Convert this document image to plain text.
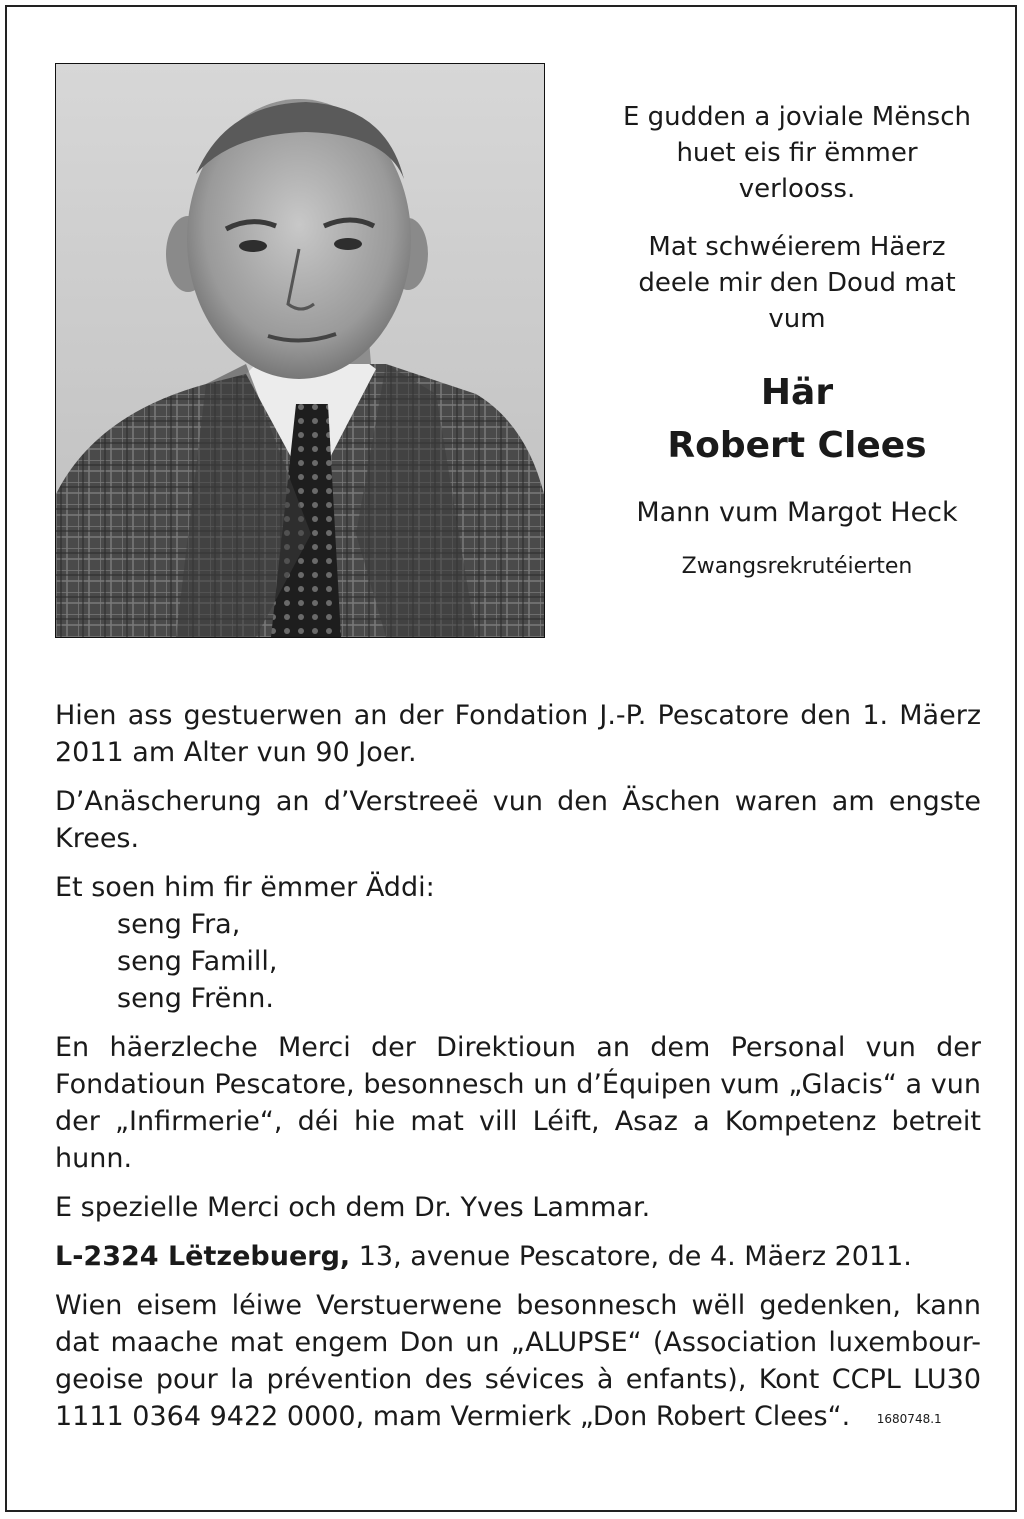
E gudden a joviale Mënsch
huet eis fir ëmmer
verlooss.
Mat schwéierem Häerz
deele mir den Doud mat
vum
Här
Robert Clees
Mann vum Margot Heck
Zwangsrekrutéierten

Hien ass gestuerwen an der Fondation J.-P. Pescatore den 1. Mäerz 2011 am Alter vun 90 Joer.

D’Anäscherung an d’Verstreeë vun den Äschen waren am engste Krees.

Et soen him fir ëmmer Äddi:

seng Fra,
seng Famill,
seng Frënn.

En häerzleche Merci der Direktioun an dem Personal vun der Fondatioun Pescatore, besonnesch un d’Équipen vum „Glacis“ a vun der „Infirmerie“, déi hie mat vill Léift, Asaz a Kompetenz betreit hunn.

E spezielle Merci och dem Dr. Yves Lammar.

L-2324 Lëtzebuerg, 13, avenue Pescatore, de 4. Mäerz 2011.

Wien eisem léiwe Verstuerwene besonnesch wëll gedenken, kann dat maache mat engem Don un „ALUPSE“ (Association luxembour-geoise pour la prévention des sévices à enfants), Kont CCPL LU30 1111 0364 9422 0000, mam Vermierk „Don Robert Clees“. 1680748.1
